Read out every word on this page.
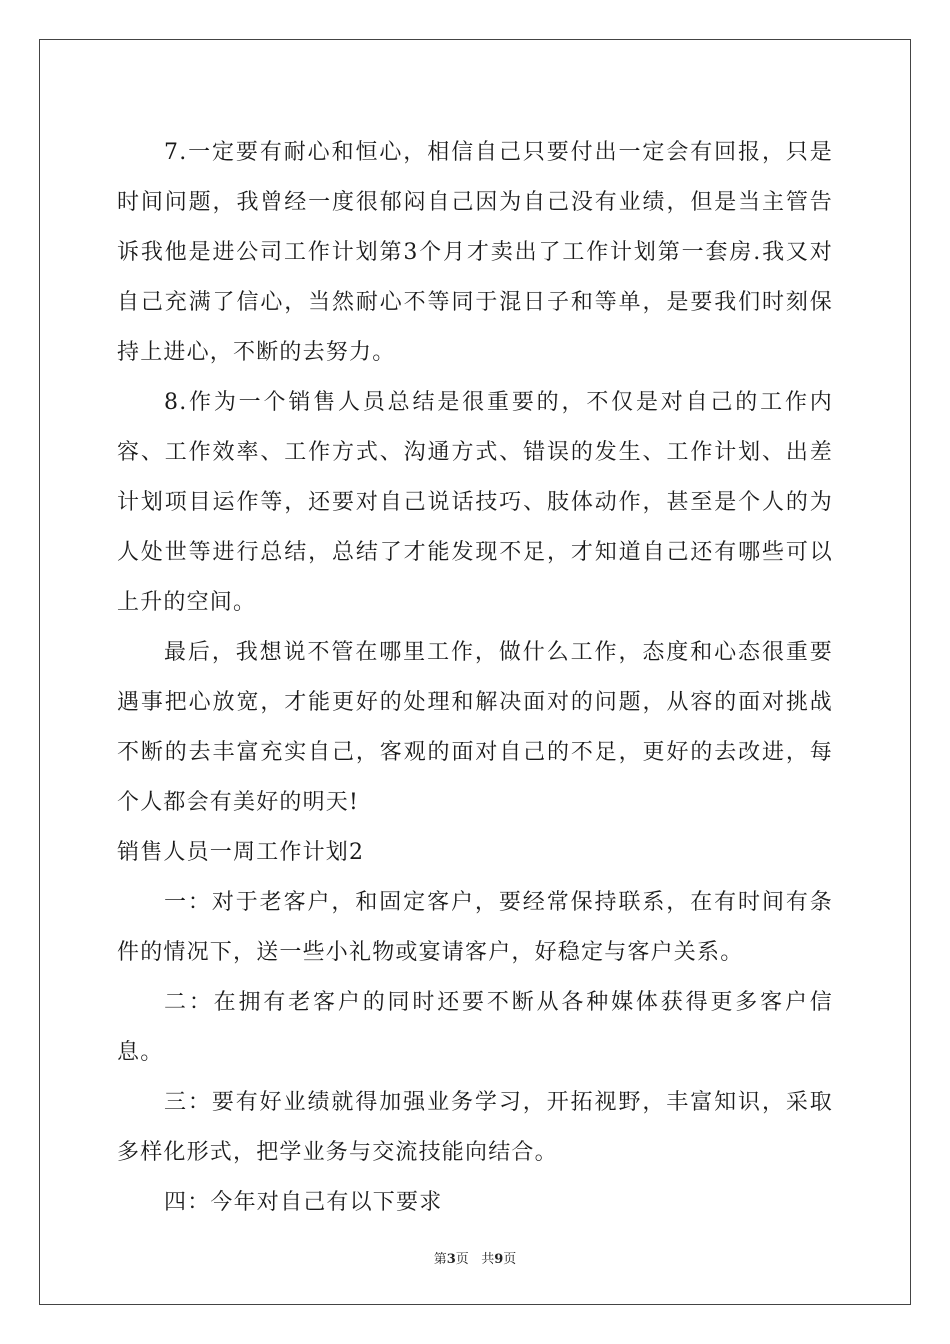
7.一定要有耐心和恒心，相信自己只要付出一定会有回报，只是时间问题，我曾经一度很郁闷自己因为自己没有业绩，但是当主管告诉我他是进公司工作计划第3个月才卖出了工作计划第一套房.我又对自己充满了信心，当然耐心不等同于混日子和等单，是要我们时刻保持上进心，不断的去努力。

8.作为一个销售人员总结是很重要的，不仅是对自己的工作内容、工作效率、工作方式、沟通方式、错误的发生、工作计划、出差计划项目运作等，还要对自己说话技巧、肢体动作，甚至是个人的为人处世等进行总结，总结了才能发现不足，才知道自己还有哪些可以上升的空间。

最后，我想说不管在哪里工作，做什么工作，态度和心态很重要遇事把心放宽，才能更好的处理和解决面对的问题，从容的面对挑战不断的去丰富充实自己，客观的面对自己的不足，更好的去改进，每个人都会有美好的明天!

销售人员一周工作计划2

一：对于老客户，和固定客户，要经常保持联系，在有时间有条件的情况下，送一些小礼物或宴请客户，好稳定与客户关系。

二：在拥有老客户的同时还要不断从各种媒体获得更多客户信息。

三：要有好业绩就得加强业务学习，开拓视野，丰富知识，采取多样化形式，把学业务与交流技能向结合。

四：今年对自己有以下要求

第3页 共9页
